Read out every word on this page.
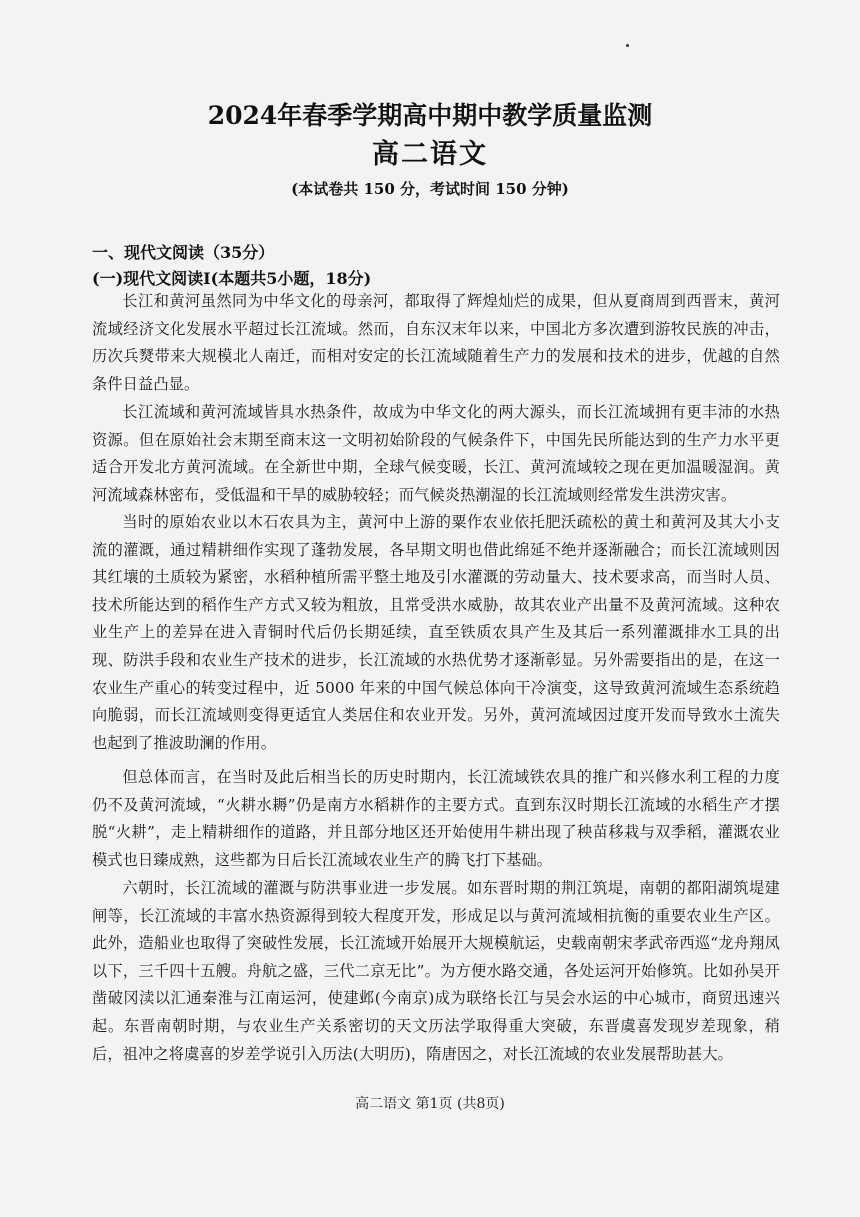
2024年春季学期高中期中教学质量监测
高二语文
(本试卷共 150 分，考试时间 150 分钟)
一、现代文阅读（35分）
(一)现代文阅读Ⅰ(本题共5小题，18分)

长江和黄河虽然同为中华文化的母亲河，都取得了辉煌灿烂的成果，但从夏商周到西晋末，黄河流域经济文化发展水平超过长江流域。然而，自东汉末年以来，中国北方多次遭到游牧民族的冲击，历次兵燹带来大规模北人南迁，而相对安定的长江流域随着生产力的发展和技术的进步，优越的自然条件日益凸显。

长江流域和黄河流域皆具水热条件，故成为中华文化的两大源头，而长江流域拥有更丰沛的水热资源。但在原始社会末期至商末这一文明初始阶段的气候条件下，中国先民所能达到的生产力水平更适合开发北方黄河流域。在全新世中期，全球气候变暖，长江、黄河流域较之现在更加温暖湿润。黄河流域森林密布，受低温和干旱的威胁较轻；而气候炎热潮湿的长江流域则经常发生洪涝灾害。

当时的原始农业以木石农具为主，黄河中上游的粟作农业依托肥沃疏松的黄土和黄河及其大小支流的灌溉，通过精耕细作实现了蓬勃发展，各早期文明也借此绵延不绝并逐渐融合；而长江流域则因其红壤的土质较为紧密，水稻种植所需平整土地及引水灌溉的劳动量大、技术要求高，而当时人员、技术所能达到的稻作生产方式又较为粗放，且常受洪水威胁，故其农业产出量不及黄河流域。这种农业生产上的差异在进入青铜时代后仍长期延续，直至铁质农具产生及其后一系列灌溉排水工具的出现、防洪手段和农业生产技术的进步，长江流域的水热优势才逐渐彰显。另外需要指出的是，在这一农业生产重心的转变过程中，近 5000 年来的中国气候总体向干冷演变，这导致黄河流域生态系统趋向脆弱，而长江流域则变得更适宜人类居住和农业开发。另外，黄河流域因过度开发而导致水土流失也起到了推波助澜的作用。

但总体而言，在当时及此后相当长的历史时期内，长江流域铁农具的推广和兴修水利工程的力度仍不及黄河流域，“火耕水耨”仍是南方水稻耕作的主要方式。直到东汉时期长江流域的水稻生产才摆脱“火耕”，走上精耕细作的道路，并且部分地区还开始使用牛耕出现了秧苗移栽与双季稻，灌溉农业模式也日臻成熟，这些都为日后长江流域农业生产的腾飞打下基础。

六朝时，长江流域的灌溉与防洪事业进一步发展。如东晋时期的荆江筑堤，南朝的都阳湖筑堤建闸等，长江流域的丰富水热资源得到较大程度开发，形成足以与黄河流域相抗衡的重要农业生产区。此外，造船业也取得了突破性发展，长江流域开始展开大规模航运，史载南朝宋孝武帝西巡“龙舟翔凤以下，三千四十五艘。舟航之盛，三代二京无比”。为方便水路交通，各处运河开始修筑。比如孙吴开凿破冈渎以汇通秦淮与江南运河，使建邺(今南京)成为联络长江与吴会水运的中心城市，商贸迅速兴起。东晋南朝时期，与农业生产关系密切的天文历法学取得重大突破，东晋虞喜发现岁差现象，稍后，祖冲之将虞喜的岁差学说引入历法(大明历)，隋唐因之，对长江流域的农业发展帮助甚大。

高二语文 第1页 (共8页)
